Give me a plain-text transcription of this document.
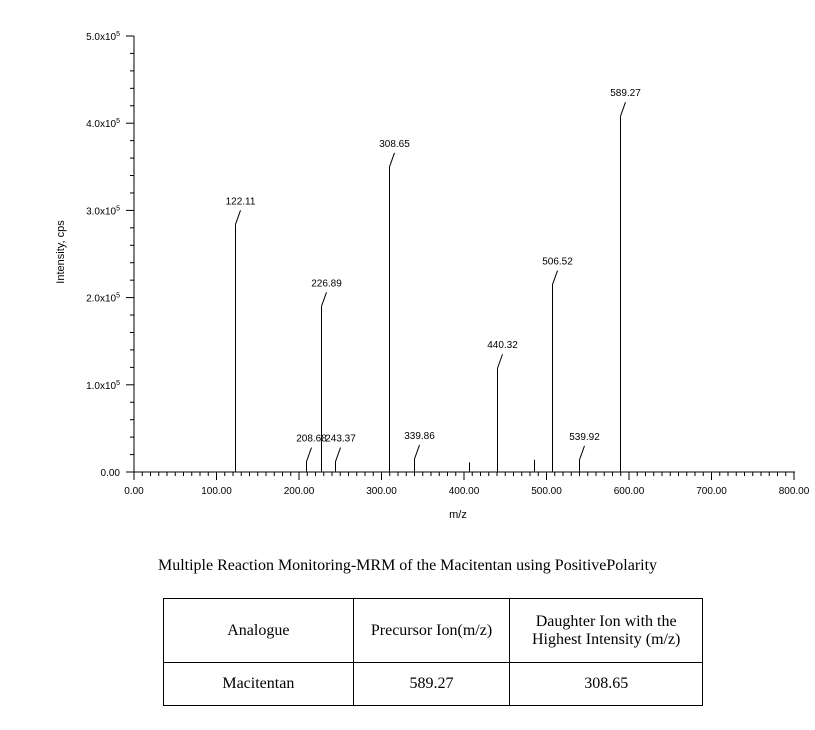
0.00	100.00	200.00	300.00	400.00	500.00	600.00	700.00	800.00
0.00
$1.0x10^5$
$2.0x10^5$
$3.0x10^5$
$4.0x10^5$
$5.0x10^5$
122.11
208.68
226.89
243.37
308.65
339.86
440.32
506.52
539.92
589.27
m/z
Intensity, cps
Multiple Reaction Monitoring-MRM of the Macitentan using PositivePolarity
Analogue	Precursor Ion(m/z)	Daughter Ion with the Highest Intensity (m/z)
Macitentan	589.27	308.65
